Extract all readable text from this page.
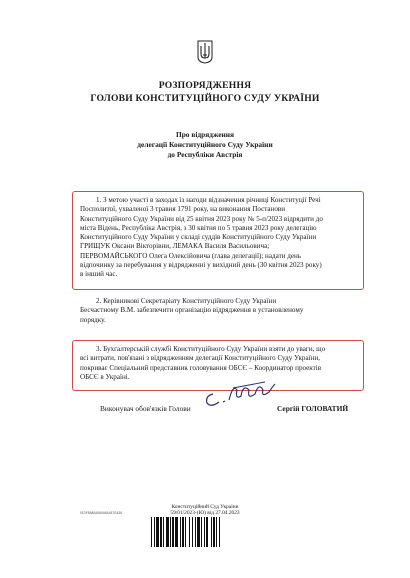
РОЗПОРЯДЖЕННЯ
ГОЛОВИ КОНСТИТУЦІЙНОГО СУДУ УКРАЇНИ
Про відрядження
делегації Конституційного Суду України
до Республіки Австрія
1. З метою участі в заходах із нагоди відзначення річниці Конституції Речі
Посполитої, ухваленої 3 травня 1791 року, на виконання Постанови
Конституційного Суду України від 25 квітня 2023 року № 5-п/2023 відрядити до
міста Відень, Республіка Австрія, з 30 квітня по 5 травня 2023 року делегацію
Конституційного Суду України у складі суддів Конституційного Суду України
ГРИЩУК Оксани Вікторівни, ЛЕМАКА Василя Васильовича;
ПЕРВОМАЙСЬКОГО Олега Олексійовича (глава делегації); надати день
відпочинку за перебування у відрядженні у вихідний день (30 квітня 2023 року)
в інший час.
2. Керівникові Секретаріату Конституційного Суду України
Бесчастному В.М. забезпечити організацію відрядження в установленому
порядку.
3. Бухгалтерській службі Конституційного Суду України взяти до уваги, що
всі витрати, пов'язані з відрядженням делегації Конституційного Суду України,
покриває Спеціальний представник головування ОБСЄ – Координатор проектів
ОБСЄ в Україні.
Виконувач обов'язків Голови	Сергій ГОЛОВАТИЙ
5E3F8BA5A8A0A6A4E7EA36
Конституційний Суд України
59/01/2023-(Ю) від 27.04.2023
